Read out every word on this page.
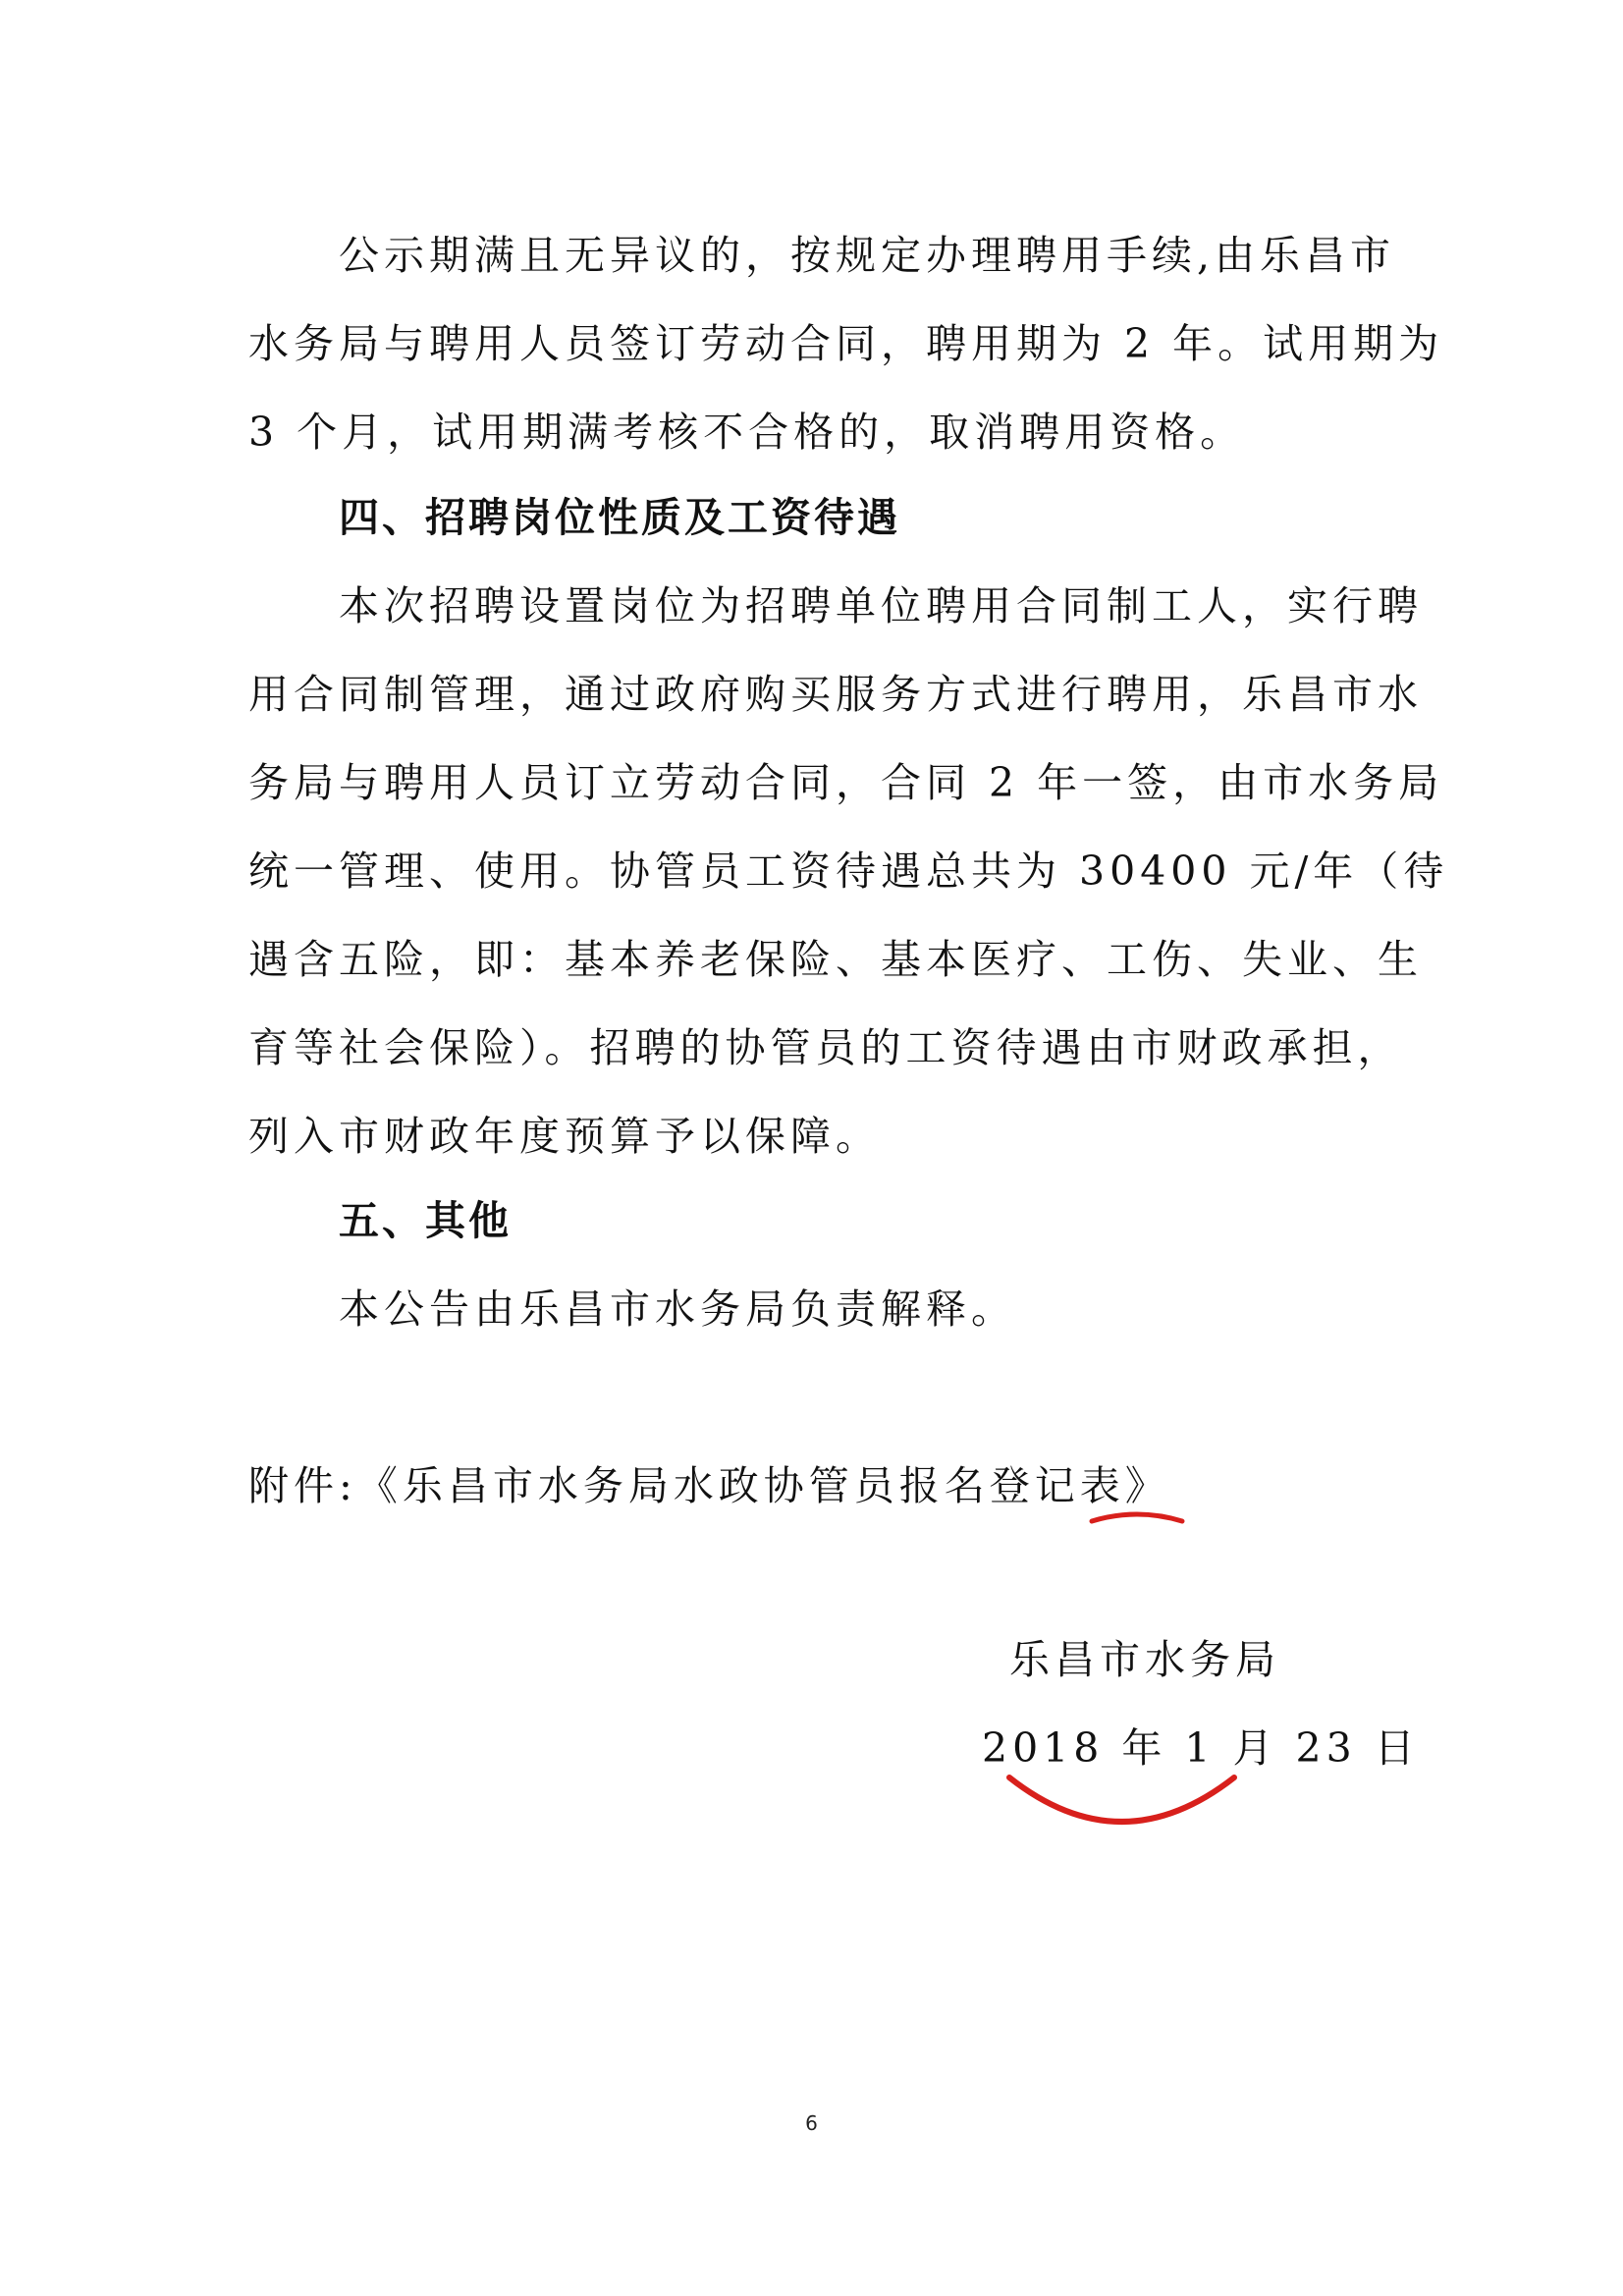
公示期满且无异议的，按规定办理聘用手续,由乐昌市
水务局与聘用人员签订劳动合同，聘用期为 2 年。试用期为
3 个月，试用期满考核不合格的，取消聘用资格。
四、招聘岗位性质及工资待遇
本次招聘设置岗位为招聘单位聘用合同制工人，实行聘
用合同制管理，通过政府购买服务方式进行聘用，乐昌市水
务局与聘用人员订立劳动合同，合同 2 年一签，由市水务局
统一管理、使用。协管员工资待遇总共为 30400 元/年（待
遇含五险，即：基本养老保险、基本医疗、工伤、失业、生
育等社会保险）。招聘的协管员的工资待遇由市财政承担，
列入市财政年度预算予以保障。
五、其他
本公告由乐昌市水务局负责解释。
附件:《乐昌市水务局水政协管员报名登记表》
乐昌市水务局
2018 年 1 月 23 日
6
